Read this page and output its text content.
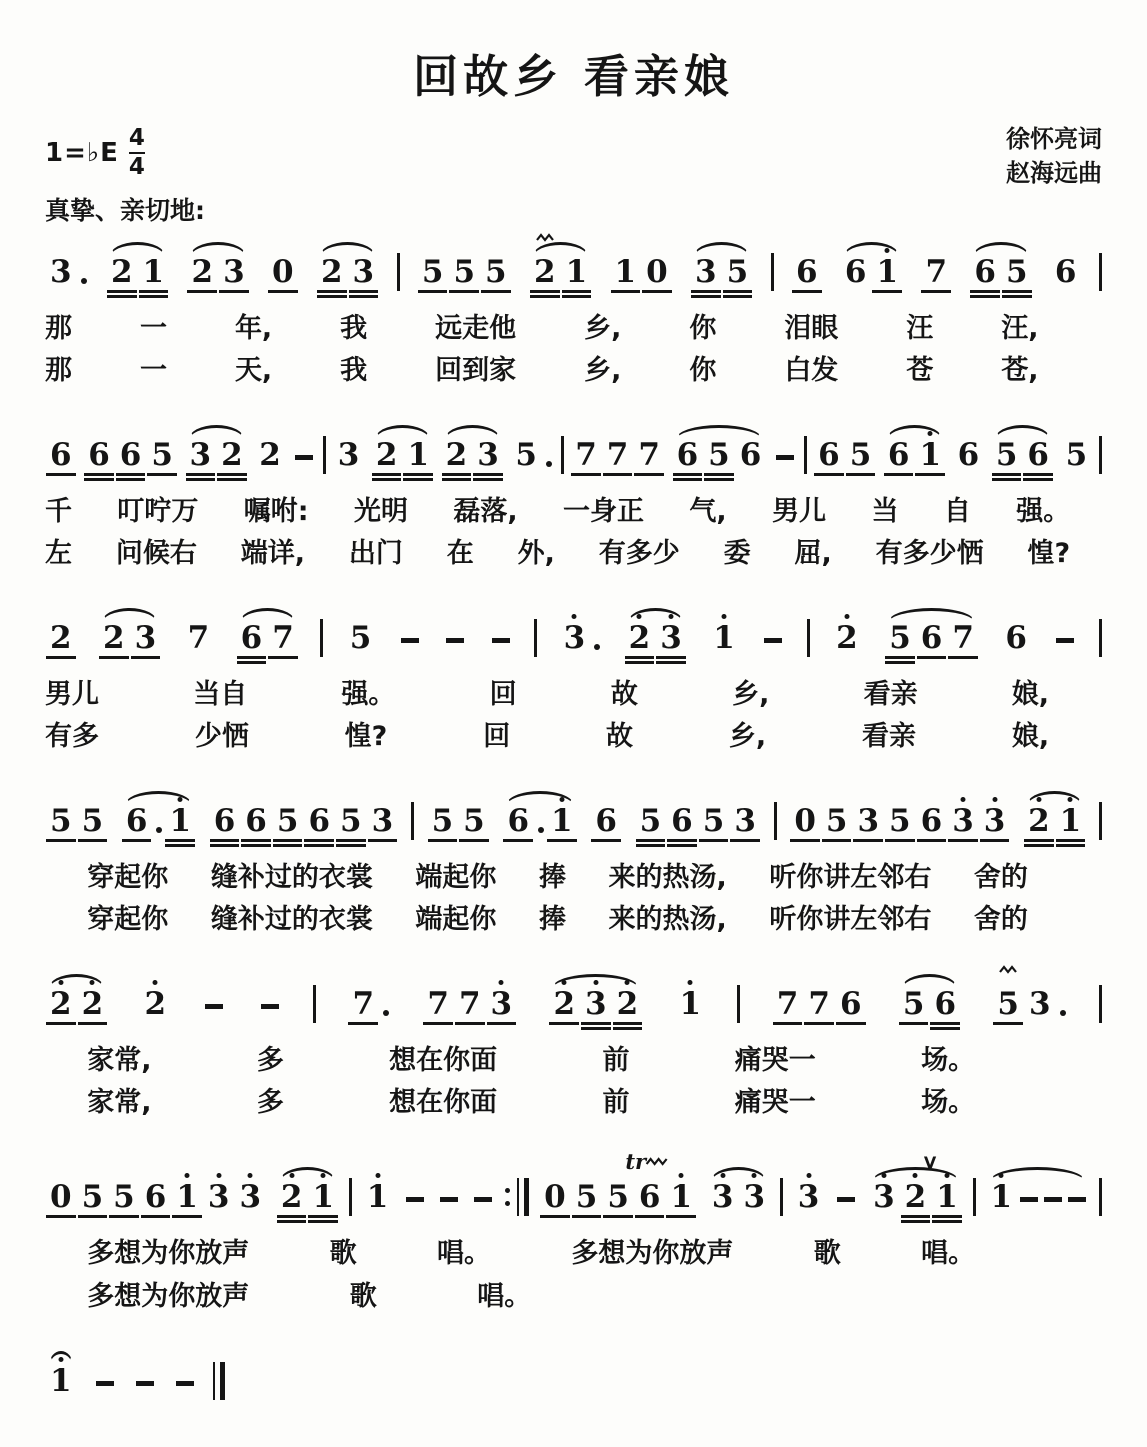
回故乡 看亲娘
1=♭E $\frac{4}{4}$
真挚、亲切地:
徐怀亮词
赵海远曲
3 2 1 2 3 0 2 3 5 5 5 2 1 1 0 3 5 6 6 1 7 6 5 6
那	一	年,	我	远走他	乡,	你	泪眼	汪	汪,
那	一	天,	我	回到家	乡,	你	白发	苍	苍,
6 6 6 5 3 2 2 3 2 1 2 3 5 7 7 7 6 5 6 6 5 6 1 6 5 6 5
千 叮咛万 嘱咐: 光明 磊落, 一身正 气, 男儿 当 自 强。
左 问候右 端详, 出门 在 外, 有多少 委 屈, 有多少恓 惶?
2 2 3 7 6 7 5	3 2 3 1	2 5 6 7 6
男儿	当自	强。	回	故	乡,	看亲	娘,
有多	少恓	惶?	回	故	乡,	看亲	娘,
5 5 6 1 6 6 5 6 5 3 5 5 6 1 6 5 6 5 3 0 5 3 5 6 3 3 2 1
穿起你 缝补过的衣裳 端起你 捧 来的热汤, 听你讲左邻右 舍的
穿起你 缝补过的衣裳 端起你 捧 来的热汤, 听你讲左邻右 舍的
2 2 2	7 7 7 3 2 3 2 1 7 7 6 5 6 5 3
家常,	多	想在你面	前	痛哭一	场。
家常,	多	想在你面	前	痛哭一	场。
0 5 5 6 1 3 3 2 1 1	0 5 5
tr
6 1 3 3 3 3
V
2 1 1
多想为你放声	歌	唱。	多想为你放声	歌	唱。
多想为你放声	歌	唱。
1
